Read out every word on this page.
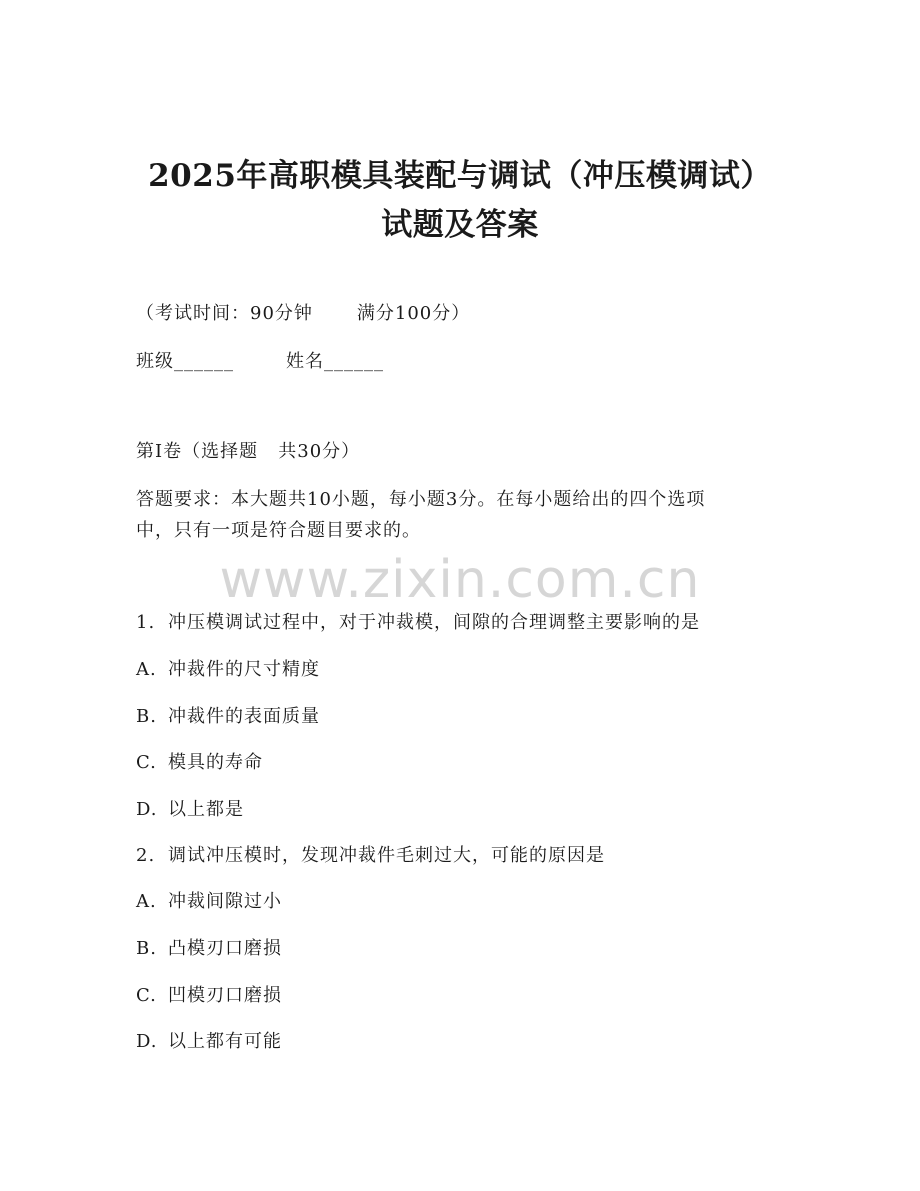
2025年高职模具装配与调试（冲压模调试）
试题及答案
（考试时间：90分钟 满分100分）
班级______	姓名______
第I卷（选择题   共30分）
答题要求：本大题共10小题，每小题3分。在每小题给出的四个选项
中，只有一项是符合题目要求的。
www.zixin.com.cn
1. 冲压模调试过程中，对于冲裁模，间隙的合理调整主要影响的是
A. 冲裁件的尺寸精度
B. 冲裁件的表面质量
C. 模具的寿命
D. 以上都是
2. 调试冲压模时，发现冲裁件毛刺过大，可能的原因是
A. 冲裁间隙过小
B. 凸模刃口磨损
C. 凹模刃口磨损
D. 以上都有可能
